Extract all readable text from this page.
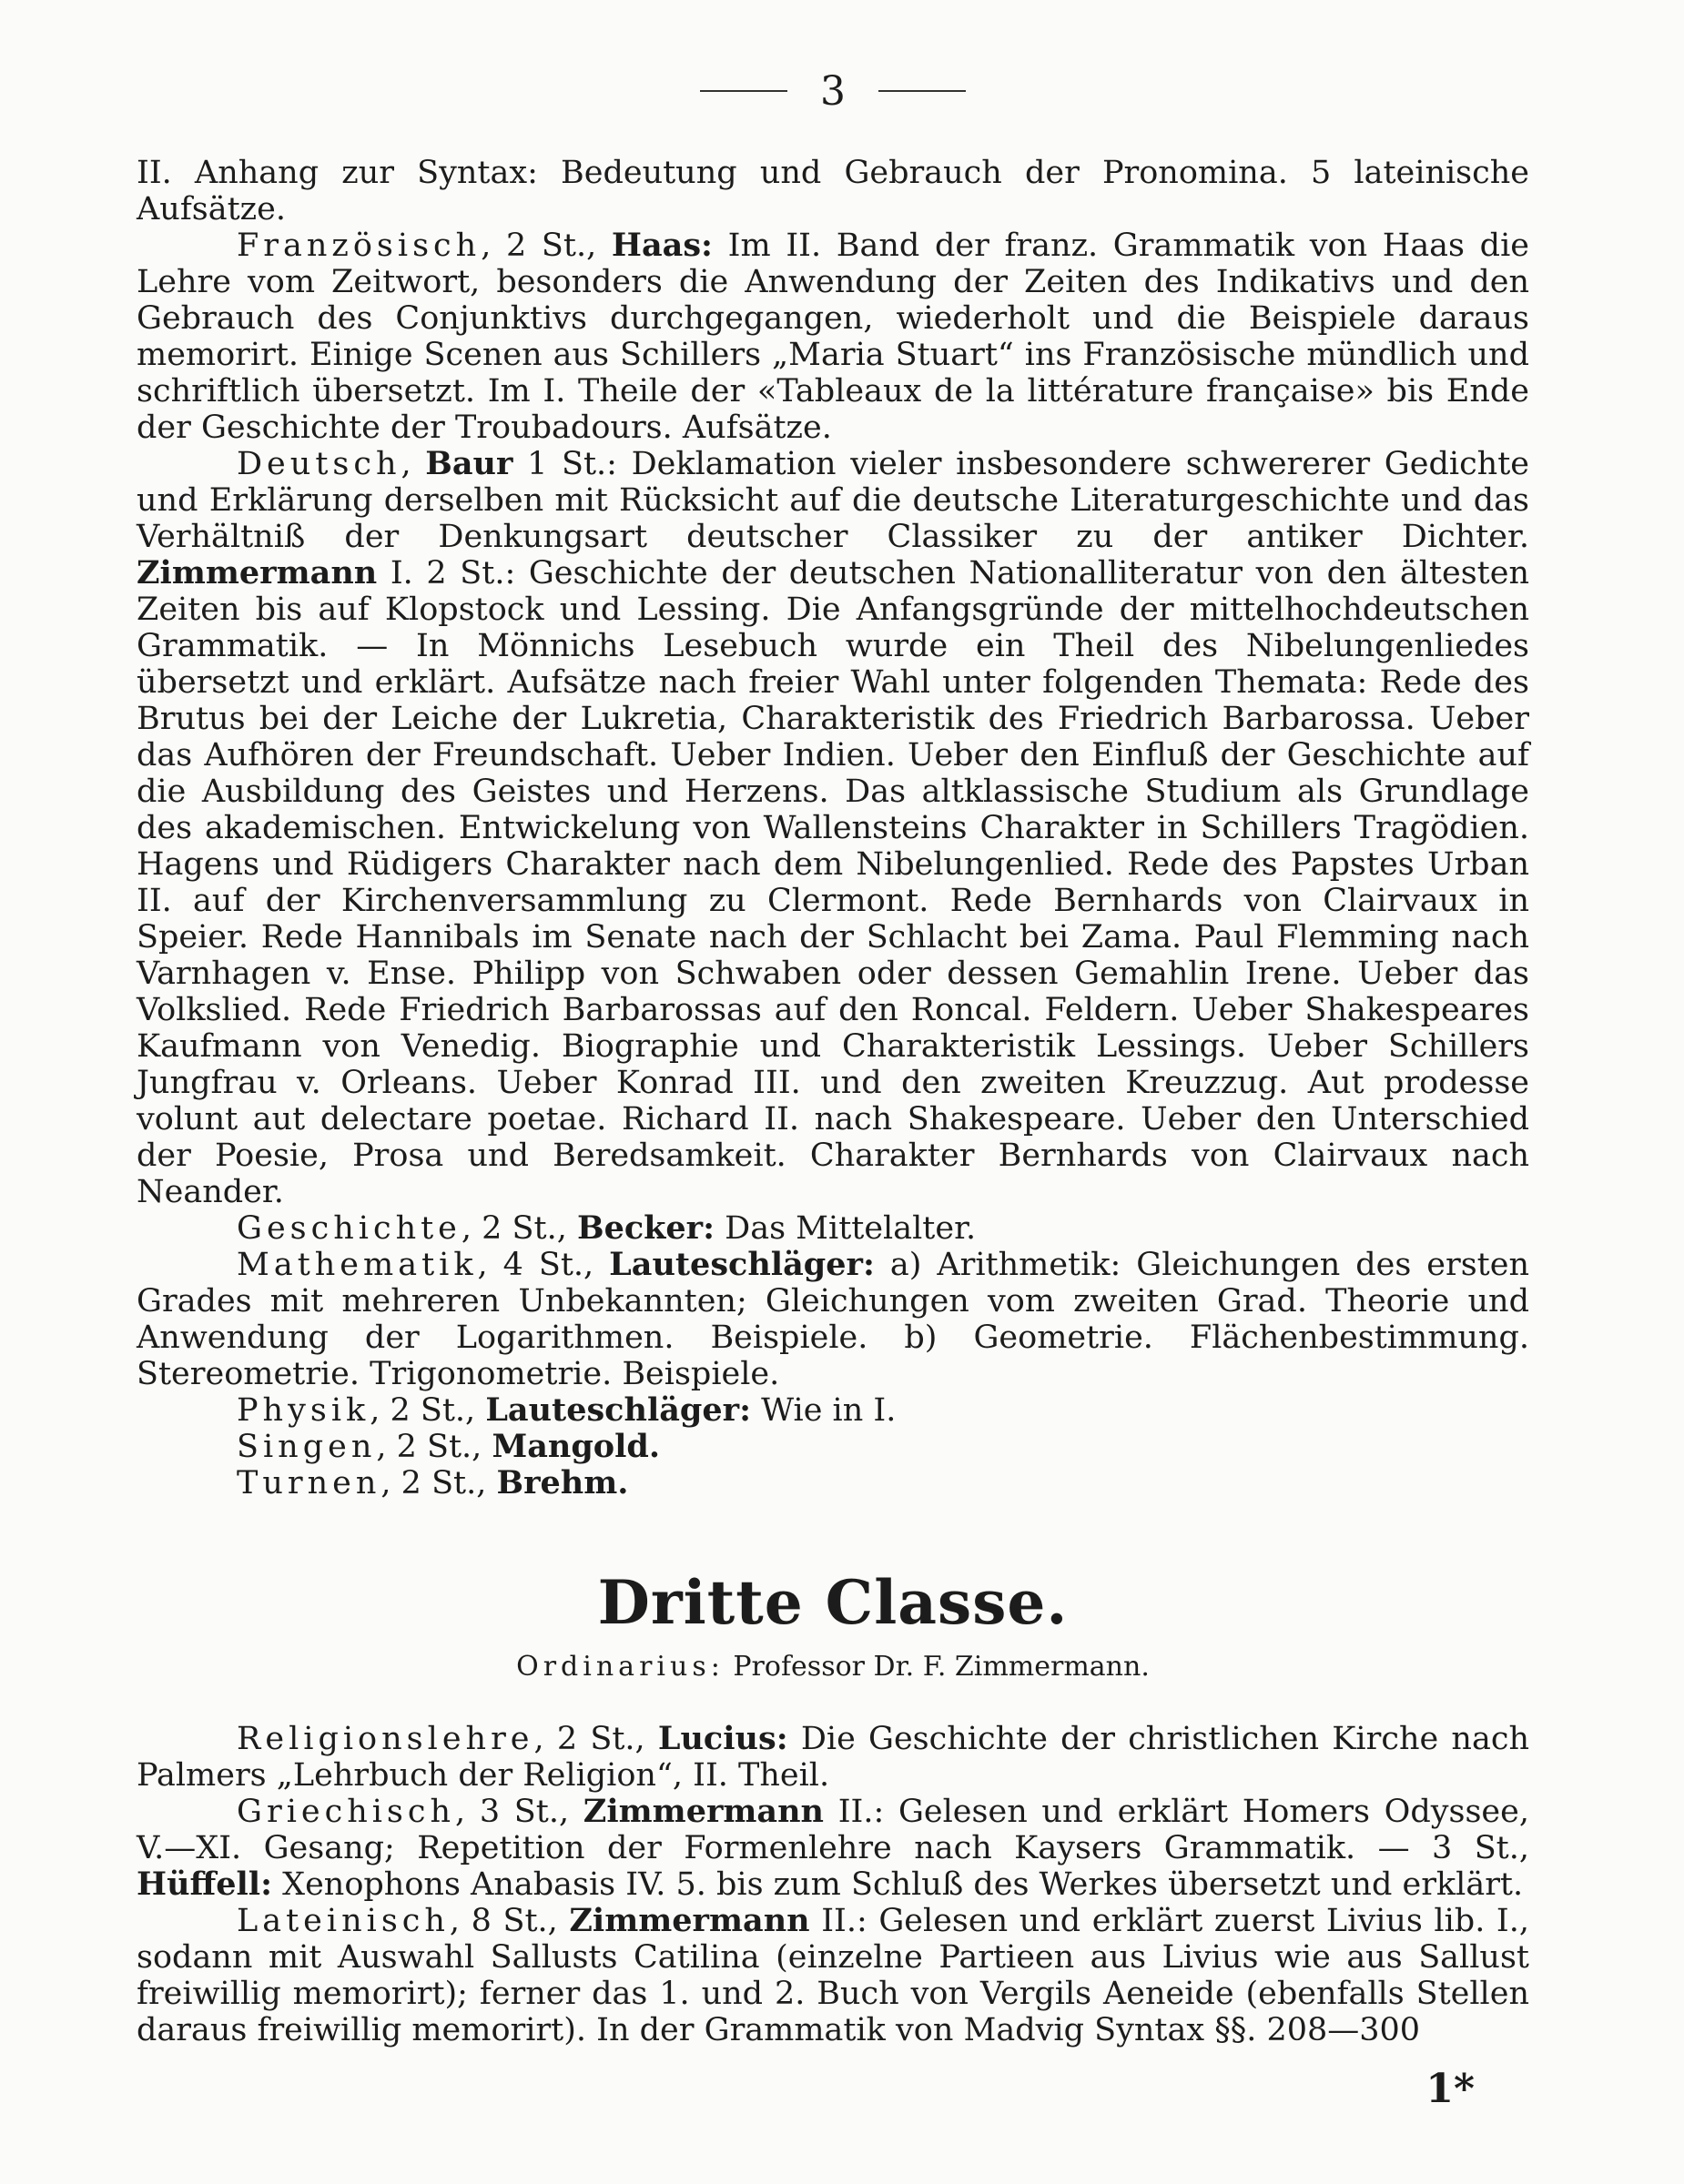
3

II. Anhang zur Syntax: Bedeutung und Gebrauch der Pronomina. 5 lateinische Aufsätze.

Französisch, 2 St., Haas: Im II. Band der franz. Grammatik von Haas die Lehre vom Zeitwort, besonders die Anwendung der Zeiten des Indikativs und den Gebrauch des Conjunktivs durchgegangen, wiederholt und die Beispiele daraus memorirt. Einige Scenen aus Schillers „Maria Stuart“ ins Französische mündlich und schriftlich übersetzt. Im I. Theile der «Tableaux de la littérature française» bis Ende der Geschichte der Troubadours. Aufsätze.

Deutsch, Baur 1 St.: Deklamation vieler insbesondere schwererer Gedichte und Erklärung derselben mit Rücksicht auf die deutsche Literaturgeschichte und das Verhältniß der Denkungsart deutscher Classiker zu der antiker Dichter. Zimmermann I. 2 St.: Geschichte der deutschen Nationalliteratur von den ältesten Zeiten bis auf Klopstock und Lessing. Die Anfangsgründe der mittelhochdeutschen Grammatik. — In Mönnichs Lesebuch wurde ein Theil des Nibelungenliedes übersetzt und erklärt. Aufsätze nach freier Wahl unter folgenden Themata: Rede des Brutus bei der Leiche der Lukretia, Charakteristik des Friedrich Barbarossa. Ueber das Aufhören der Freundschaft. Ueber Indien. Ueber den Einfluß der Geschichte auf die Ausbildung des Geistes und Herzens. Das altklassische Studium als Grundlage des akademischen. Entwickelung von Wallensteins Charakter in Schillers Tragödien. Hagens und Rüdigers Charakter nach dem Nibelungenlied. Rede des Papstes Urban II. auf der Kirchenversammlung zu Clermont. Rede Bernhards von Clairvaux in Speier. Rede Hannibals im Senate nach der Schlacht bei Zama. Paul Flemming nach Varnhagen v. Ense. Philipp von Schwaben oder dessen Gemahlin Irene. Ueber das Volkslied. Rede Friedrich Barbarossas auf den Roncal. Feldern. Ueber Shakespeares Kaufmann von Venedig. Biographie und Charakteristik Lessings. Ueber Schillers Jungfrau v. Orleans. Ueber Konrad III. und den zweiten Kreuzzug. Aut prodesse volunt aut delectare poetae. Richard II. nach Shakespeare. Ueber den Unterschied der Poesie, Prosa und Beredsamkeit. Charakter Bernhards von Clairvaux nach Neander.

Geschichte, 2 St., Becker: Das Mittelalter.

Mathematik, 4 St., Lauteschläger: a) Arithmetik: Gleichungen des ersten Grades mit mehreren Unbekannten; Gleichungen vom zweiten Grad. Theorie und Anwendung der Logarithmen. Beispiele. b) Geometrie. Flächenbestimmung. Stereometrie. Trigonometrie. Beispiele.

Physik, 2 St., Lauteschläger: Wie in I.

Singen, 2 St., Mangold.

Turnen, 2 St., Brehm.

Dritte Classe.
Ordinarius: Professor Dr. F. Zimmermann.

Religionslehre, 2 St., Lucius: Die Geschichte der christlichen Kirche nach Palmers „Lehrbuch der Religion“, II. Theil.

Griechisch, 3 St., Zimmermann II.: Gelesen und erklärt Homers Odyssee, V.—XI. Gesang; Repetition der Formenlehre nach Kaysers Grammatik. — 3 St., Hüffell: Xenophons Anabasis IV. 5. bis zum Schluß des Werkes übersetzt und erklärt.

Lateinisch, 8 St., Zimmermann II.: Gelesen und erklärt zuerst Livius lib. I., sodann mit Auswahl Sallusts Catilina (einzelne Partieen aus Livius wie aus Sallust freiwillig memorirt); ferner das 1. und 2. Buch von Vergils Aeneide (ebenfalls Stellen daraus freiwillig memorirt). In der Grammatik von Madvig Syntax §§. 208—300

1*
